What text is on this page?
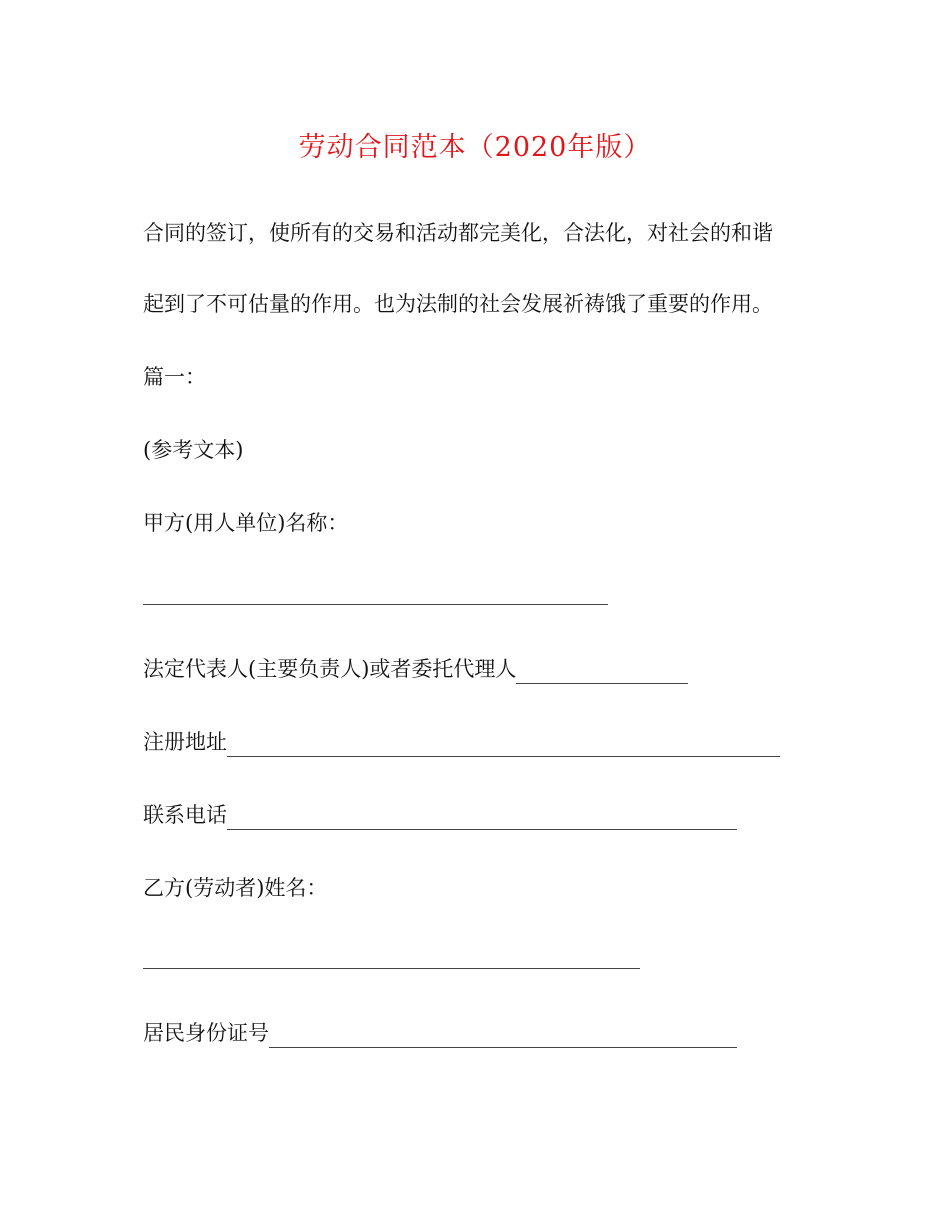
劳动合同范本（2020年版）
合同的签订，使所有的交易和活动都完美化，合法化，对社会的和谐
起到了不可估量的作用。也为法制的社会发展祈祷饿了重要的作用。
篇一：
(参考文本)
甲方(用人单位)名称：
法定代表人(主要负责人)或者委托代理人
注册地址
联系电话
乙方(劳动者)姓名：
居民身份证号
